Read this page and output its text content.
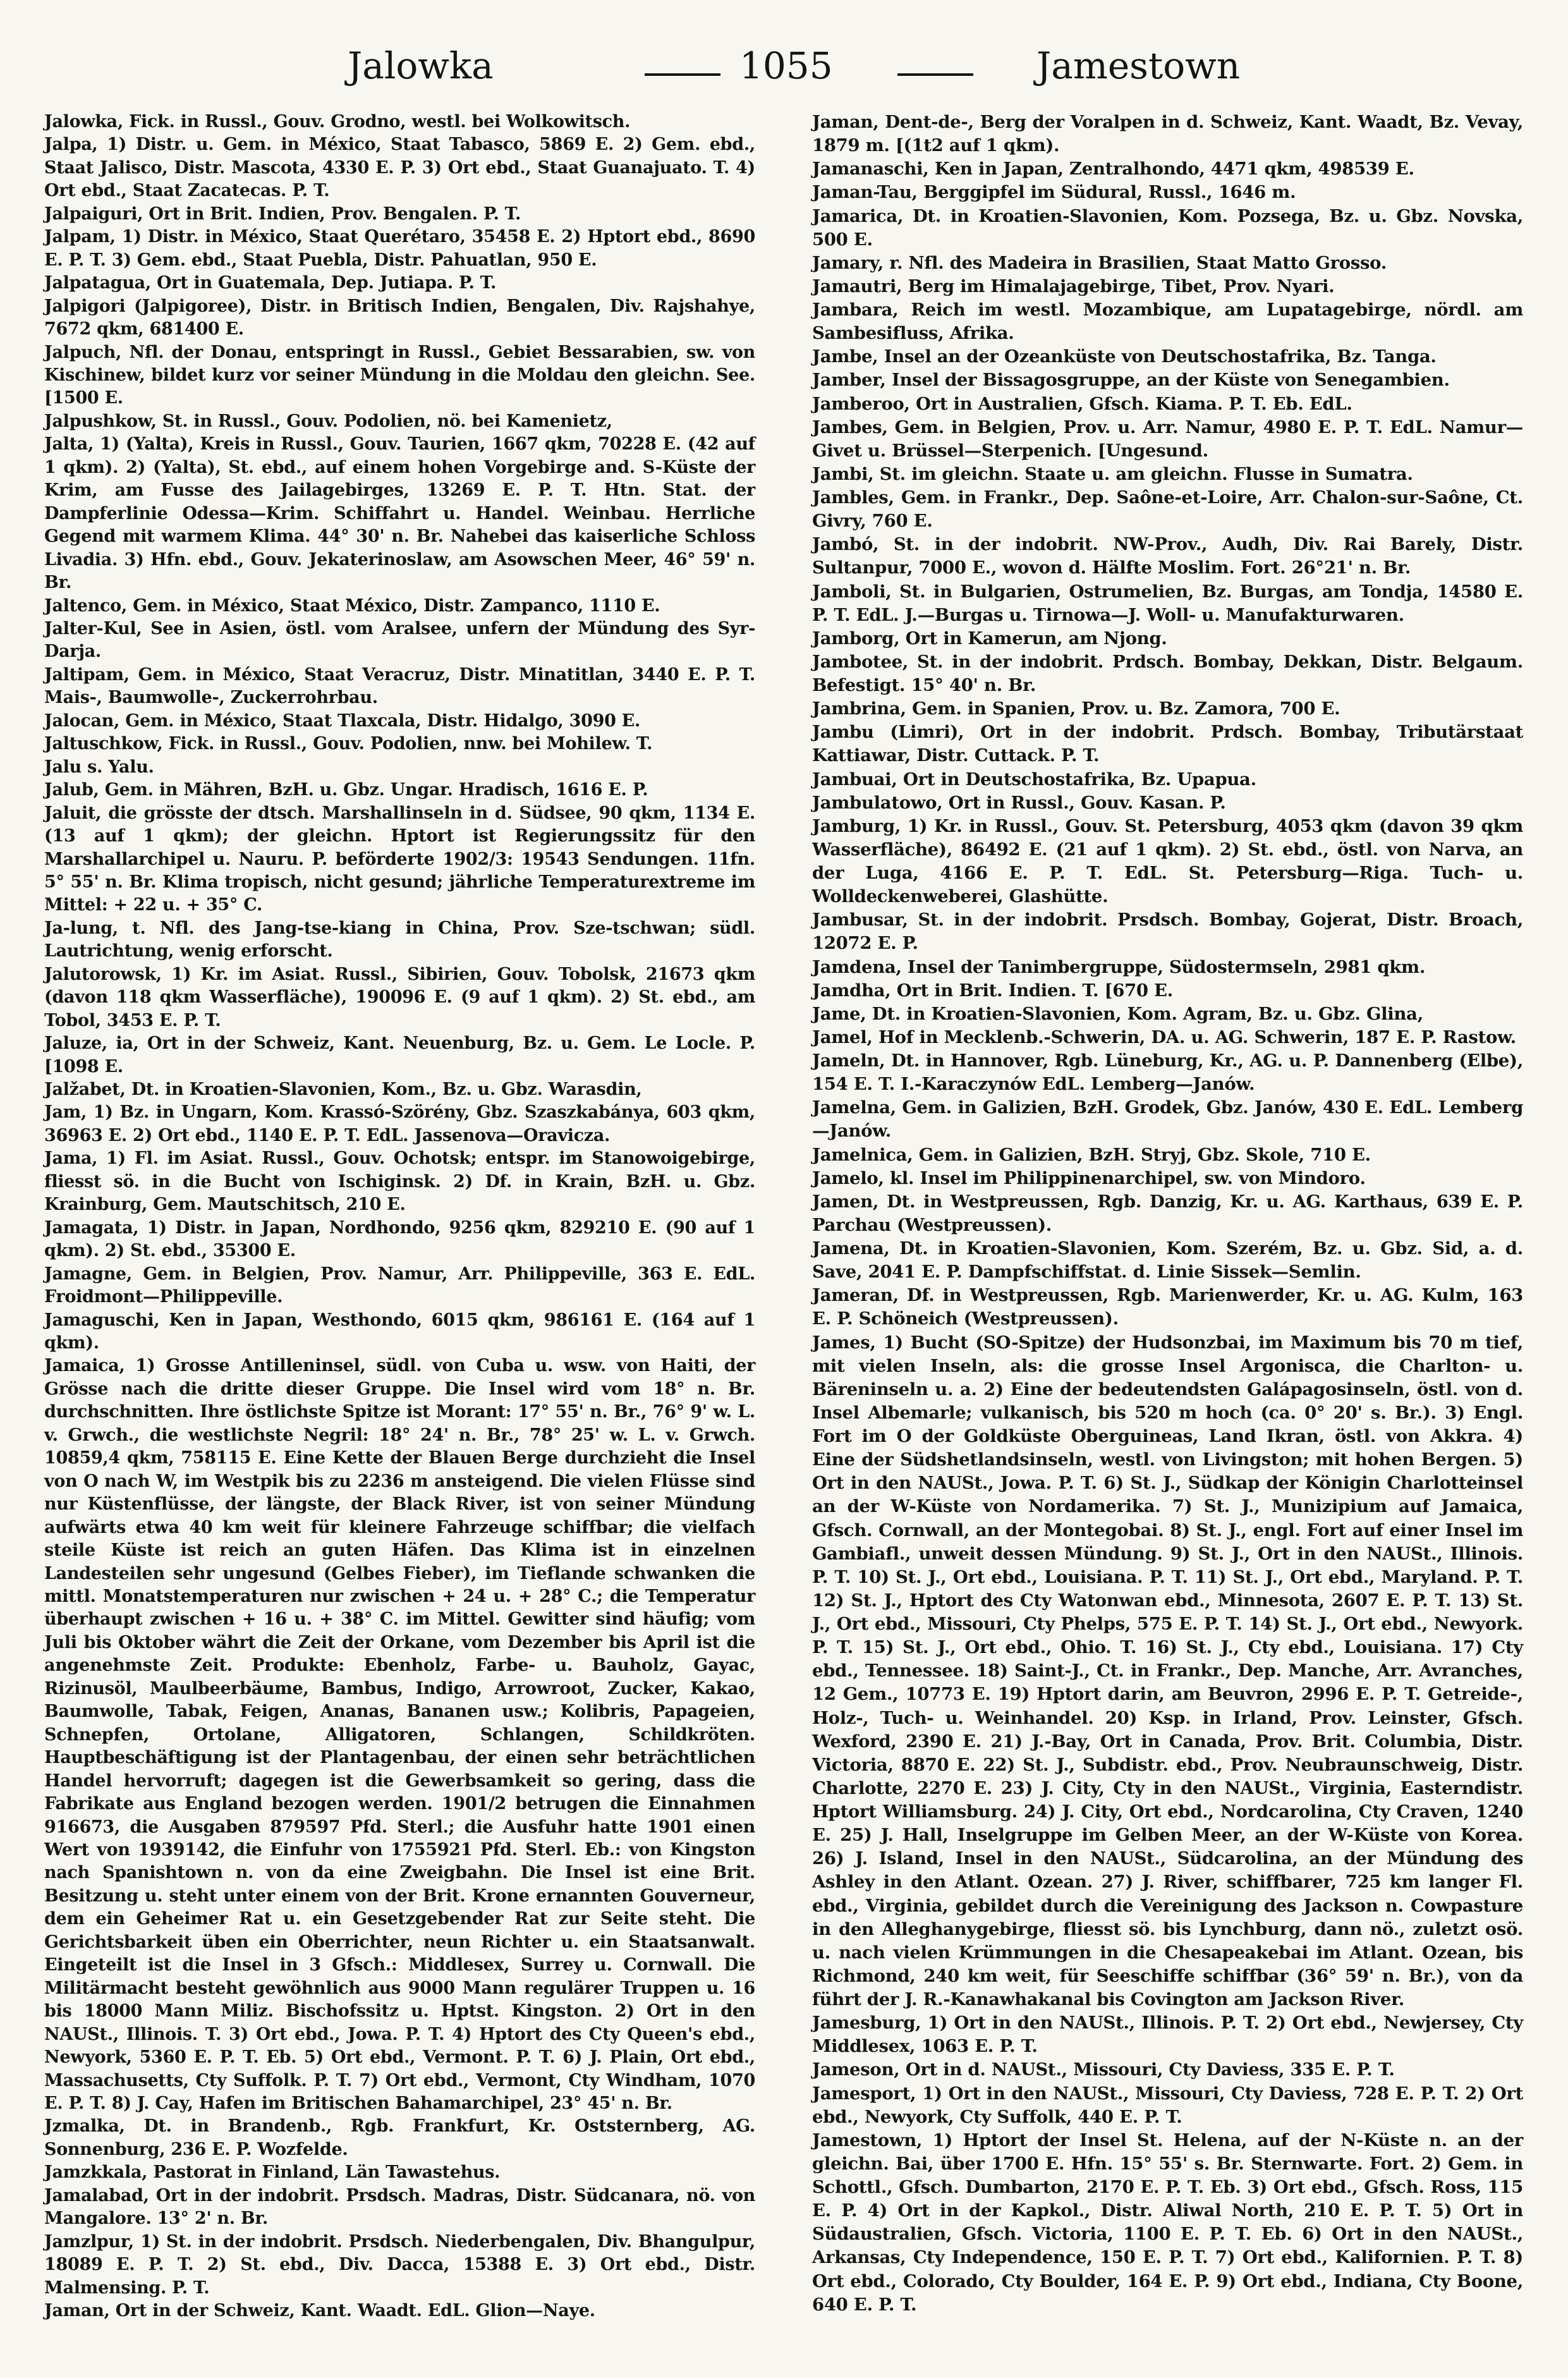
Jalowka	1055	Jamestown

Jalowka, Fick. in Russl., Gouv. Grodno, westl. bei Wolkowitsch.

Jalpa, 1) Distr. u. Gem. in México, Staat Tabasco, 5869 E. 2) Gem. ebd., Staat Jalisco, Distr. Mascota, 4330 E. P. 3) Ort ebd., Staat Guanajuato. T. 4) Ort ebd., Staat Zacatecas. P. T.

Jalpaiguri, Ort in Brit. Indien, Prov. Bengalen. P. T.

Jalpam, 1) Distr. in México, Staat Querétaro, 35458 E. 2) Hptort ebd., 8690 E. P. T. 3) Gem. ebd., Staat Puebla, Distr. Pahuatlan, 950 E.

Jalpatagua, Ort in Guatemala, Dep. Jutiapa. P. T.

Jalpigori (Jalpigoree), Distr. in Britisch Indien, Bengalen, Div. Rajshahye, 7672 qkm, 681400 E.

Jalpuch, Nfl. der Donau, entspringt in Russl., Gebiet Bessarabien, sw. von Kischinew, bildet kurz vor seiner Mündung in die Moldau den gleichn. See. [1500 E.

Jalpushkow, St. in Russl., Gouv. Podolien, nö. bei Kamenietz,

Jalta, 1) (Yalta), Kreis in Russl., Gouv. Taurien, 1667 qkm, 70228 E. (42 auf 1 qkm). 2) (Yalta), St. ebd., auf einem hohen Vorgebirge and. S-Küste der Krim, am Fusse des Jailagebirges, 13269 E. P. T. Htn. Stat. der Dampferlinie Odessa—Krim. Schiffahrt u. Handel. Weinbau. Herrliche Gegend mit warmem Klima. 44° 30' n. Br. Nahebei das kaiserliche Schloss Livadia. 3) Hfn. ebd., Gouv. Jekaterinoslaw, am Asowschen Meer, 46° 59' n. Br.

Jaltenco, Gem. in México, Staat México, Distr. Zampanco, 1110 E.

Jalter-Kul, See in Asien, östl. vom Aralsee, unfern der Mündung des Syr-Darja.

Jaltipam, Gem. in México, Staat Veracruz, Distr. Minatitlan, 3440 E. P. T. Mais-, Baumwolle-, Zuckerrohrbau.

Jalocan, Gem. in México, Staat Tlaxcala, Distr. Hidalgo, 3090 E.

Jaltuschkow, Fick. in Russl., Gouv. Podolien, nnw. bei Mohilew. T.

Jalu s. Yalu.

Jalub, Gem. in Mähren, BzH. u. Gbz. Ungar. Hradisch, 1616 E. P.

Jaluit, die grösste der dtsch. Marshallinseln in d. Südsee, 90 qkm, 1134 E. (13 auf 1 qkm); der gleichn. Hptort ist Regierungssitz für den Marshallarchipel u. Nauru. P. beförderte 1902/3: 19543 Sendungen. 11fn. 5° 55' n. Br. Klima tropisch, nicht gesund; jährliche Temperaturextreme im Mittel: + 22 u. + 35° C.

Ja-lung, t. Nfl. des Jang-tse-kiang in China, Prov. Sze-tschwan; südl. Lautrichtung, wenig erforscht.

Jalutorowsk, 1) Kr. im Asiat. Russl., Sibirien, Gouv. Tobolsk, 21673 qkm (davon 118 qkm Wasserfläche), 190096 E. (9 auf 1 qkm). 2) St. ebd., am Tobol, 3453 E. P. T.

Jaluze, ia, Ort in der Schweiz, Kant. Neuenburg, Bz. u. Gem. Le Locle. P. [1098 E.

Jalžabet, Dt. in Kroatien-Slavonien, Kom., Bz. u. Gbz. Warasdin,

Jam, 1) Bz. in Ungarn, Kom. Krassó-Szörény, Gbz. Szaszkabánya, 603 qkm, 36963 E. 2) Ort ebd., 1140 E. P. T. EdL. Jassenova—Oravicza.

Jama, 1) Fl. im Asiat. Russl., Gouv. Ochotsk; entspr. im Stanowoigebirge, fliesst sö. in die Bucht von Ischiginsk. 2) Df. in Krain, BzH. u. Gbz. Krainburg, Gem. Mautschitsch, 210 E.

Jamagata, 1) Distr. in Japan, Nordhondo, 9256 qkm, 829210 E. (90 auf 1 qkm). 2) St. ebd., 35300 E.

Jamagne, Gem. in Belgien, Prov. Namur, Arr. Philippeville, 363 E. EdL. Froidmont—Philippeville.

Jamaguschi, Ken in Japan, Westhondo, 6015 qkm, 986161 E. (164 auf 1 qkm).

Jamaica, 1) Grosse Antilleninsel, südl. von Cuba u. wsw. von Haiti, der Grösse nach die dritte dieser Gruppe. Die Insel wird vom 18° n. Br. durchschnitten. Ihre östlichste Spitze ist Morant: 17° 55' n. Br., 76° 9' w. L. v. Grwch., die westlichste Negril: 18° 24' n. Br., 78° 25' w. L. v. Grwch. 10859,4 qkm, 758115 E. Eine Kette der Blauen Berge durchzieht die Insel von O nach W, im Westpik bis zu 2236 m ansteigend. Die vielen Flüsse sind nur Küstenflüsse, der längste, der Black River, ist von seiner Mündung aufwärts etwa 40 km weit für kleinere Fahrzeuge schiffbar; die vielfach steile Küste ist reich an guten Häfen. Das Klima ist in einzelnen Landesteilen sehr ungesund (Gelbes Fieber), im Tieflande schwanken die mittl. Monatstemperaturen nur zwischen + 24 u. + 28° C.; die Temperatur überhaupt zwischen + 16 u. + 38° C. im Mittel. Gewitter sind häufig; vom Juli bis Oktober währt die Zeit der Orkane, vom Dezember bis April ist die angenehmste Zeit. Produkte: Ebenholz, Farbe- u. Bauholz, Gayac, Rizinusöl, Maulbeerbäume, Bambus, Indigo, Arrowroot, Zucker, Kakao, Baumwolle, Tabak, Feigen, Ananas, Bananen usw.; Kolibris, Papageien, Schnepfen, Ortolane, Alligatoren, Schlangen, Schildkröten. Hauptbeschäftigung ist der Plantagenbau, der einen sehr beträchtlichen Handel hervorruft; dagegen ist die Gewerbsamkeit so gering, dass die Fabrikate aus England bezogen werden. 1901/2 betrugen die Einnahmen 916673, die Ausgaben 879597 Pfd. Sterl.; die Ausfuhr hatte 1901 einen Wert von 1939142, die Einfuhr von 1755921 Pfd. Sterl. Eb.: von Kingston nach Spanishtown n. von da eine Zweigbahn. Die Insel ist eine Brit. Besitzung u. steht unter einem von der Brit. Krone ernannten Gouverneur, dem ein Geheimer Rat u. ein Gesetzgebender Rat zur Seite steht. Die Gerichtsbarkeit üben ein Oberrichter, neun Richter u. ein Staatsanwalt. Eingeteilt ist die Insel in 3 Gfsch.: Middlesex, Surrey u. Cornwall. Die Militärmacht besteht gewöhnlich aus 9000 Mann regulärer Truppen u. 16 bis 18000 Mann Miliz. Bischofssitz u. Hptst. Kingston. 2) Ort in den NAUSt., Illinois. T. 3) Ort ebd., Jowa. P. T. 4) Hptort des Cty Queen's ebd., Newyork, 5360 E. P. T. Eb. 5) Ort ebd., Vermont. P. T. 6) J. Plain, Ort ebd., Massachusetts, Cty Suffolk. P. T. 7) Ort ebd., Vermont, Cty Windham, 1070 E. P. T. 8) J. Cay, Hafen im Britischen Bahamarchipel, 23° 45' n. Br.

Jzmalka, Dt. in Brandenb., Rgb. Frankfurt, Kr. Oststernberg, AG. Sonnenburg, 236 E. P. Wozfelde.

Jamzkkala, Pastorat in Finland, Län Tawastehus.

Jamalabad, Ort in der indobrit. Prsdsch. Madras, Distr. Südcanara, nö. von Mangalore. 13° 2' n. Br.

Jamzlpur, 1) St. in der indobrit. Prsdsch. Niederbengalen, Div. Bhangulpur, 18089 E. P. T. 2) St. ebd., Div. Dacca, 15388 E. 3) Ort ebd., Distr. Malmensing. P. T.

Jaman, Ort in der Schweiz, Kant. Waadt. EdL. Glion—Naye.

Jaman, Dent-de-, Berg der Voralpen in d. Schweiz, Kant. Waadt, Bz. Vevay, 1879 m. [(1t2 auf 1 qkm).

Jamanaschi, Ken in Japan, Zentralhondo, 4471 qkm, 498539 E.

Jaman-Tau, Berggipfel im Südural, Russl., 1646 m.

Jamarica, Dt. in Kroatien-Slavonien, Kom. Pozsega, Bz. u. Gbz. Novska, 500 E.

Jamary, r. Nfl. des Madeira in Brasilien, Staat Matto Grosso.

Jamautri, Berg im Himalajagebirge, Tibet, Prov. Nyari.

Jambara, Reich im westl. Mozambique, am Lupatagebirge, nördl. am Sambesifluss, Afrika.

Jambe, Insel an der Ozeanküste von Deutschostafrika, Bz. Tanga.

Jamber, Insel der Bissagosgruppe, an der Küste von Senegambien.

Jamberoo, Ort in Australien, Gfsch. Kiama. P. T. Eb. EdL.

Jambes, Gem. in Belgien, Prov. u. Arr. Namur, 4980 E. P. T. EdL. Namur—Givet u. Brüssel—Sterpenich. [Ungesund.

Jambi, St. im gleichn. Staate u. am gleichn. Flusse in Sumatra.

Jambles, Gem. in Frankr., Dep. Saône-et-Loire, Arr. Chalon-sur-Saône, Ct. Givry, 760 E.

Jambó, St. in der indobrit. NW-Prov., Audh, Div. Rai Barely, Distr. Sultanpur, 7000 E., wovon d. Hälfte Moslim. Fort. 26°21' n. Br.

Jamboli, St. in Bulgarien, Ostrumelien, Bz. Burgas, am Tondja, 14580 E. P. T. EdL. J.—Burgas u. Tirnowa—J. Woll- u. Manufakturwaren.

Jamborg, Ort in Kamerun, am Njong.

Jambotee, St. in der indobrit. Prdsch. Bombay, Dekkan, Distr. Belgaum. Befestigt. 15° 40' n. Br.

Jambrina, Gem. in Spanien, Prov. u. Bz. Zamora, 700 E.

Jambu (Limri), Ort in der indobrit. Prdsch. Bombay, Tributärstaat Kattiawar, Distr. Cuttack. P. T.

Jambuai, Ort in Deutschostafrika, Bz. Upapua.

Jambulatowo, Ort in Russl., Gouv. Kasan. P.

Jamburg, 1) Kr. in Russl., Gouv. St. Petersburg, 4053 qkm (davon 39 qkm Wasserfläche), 86492 E. (21 auf 1 qkm). 2) St. ebd., östl. von Narva, an der Luga, 4166 E. P. T. EdL. St. Petersburg—Riga. Tuch- u. Wolldeckenweberei, Glashütte.

Jambusar, St. in der indobrit. Prsdsch. Bombay, Gojerat, Distr. Broach, 12072 E. P.

Jamdena, Insel der Tanimbergruppe, Südostermseln, 2981 qkm.

Jamdha, Ort in Brit. Indien. T. [670 E.

Jame, Dt. in Kroatien-Slavonien, Kom. Agram, Bz. u. Gbz. Glina,

Jamel, Hof in Mecklenb.-Schwerin, DA. u. AG. Schwerin, 187 E. P. Rastow.

Jameln, Dt. in Hannover, Rgb. Lüneburg, Kr., AG. u. P. Dannenberg (Elbe), 154 E. T. I.-Karaczynów EdL. Lemberg—Janów.

Jamelna, Gem. in Galizien, BzH. Grodek, Gbz. Janów, 430 E. EdL. Lemberg—Janów.

Jamelnica, Gem. in Galizien, BzH. Stryj, Gbz. Skole, 710 E.

Jamelo, kl. Insel im Philippinenarchipel, sw. von Mindoro.

Jamen, Dt. in Westpreussen, Rgb. Danzig, Kr. u. AG. Karthaus, 639 E. P. Parchau (Westpreussen).

Jamena, Dt. in Kroatien-Slavonien, Kom. Szerém, Bz. u. Gbz. Sid, a. d. Save, 2041 E. P. Dampfschiffstat. d. Linie Sissek—Semlin.

Jameran, Df. in Westpreussen, Rgb. Marienwerder, Kr. u. AG. Kulm, 163 E. P. Schöneich (Westpreussen).

James, 1) Bucht (SO-Spitze) der Hudsonzbai, im Maximum bis 70 m tief, mit vielen Inseln, als: die grosse Insel Argonisca, die Charlton- u. Bäreninseln u. a. 2) Eine der bedeutendsten Galápagosinseln, östl. von d. Insel Albemarle; vulkanisch, bis 520 m hoch (ca. 0° 20' s. Br.). 3) Engl. Fort im O der Goldküste Oberguineas, Land Ikran, östl. von Akkra. 4) Eine der Südshetlandsinseln, westl. von Livingston; mit hohen Bergen. 5) Ort in den NAUSt., Jowa. P. T. 6) St. J., Südkap der Königin Charlotteinsel an der W-Küste von Nordamerika. 7) St. J., Munizipium auf Jamaica, Gfsch. Cornwall, an der Montegobai. 8) St. J., engl. Fort auf einer Insel im Gambiafl., unweit dessen Mündung. 9) St. J., Ort in den NAUSt., Illinois. P. T. 10) St. J., Ort ebd., Louisiana. P. T. 11) St. J., Ort ebd., Maryland. P. T. 12) St. J., Hptort des Cty Watonwan ebd., Minnesota, 2607 E. P. T. 13) St. J., Ort ebd., Missouri, Cty Phelps, 575 E. P. T. 14) St. J., Ort ebd., Newyork. P. T. 15) St. J., Ort ebd., Ohio. T. 16) St. J., Cty ebd., Louisiana. 17) Cty ebd., Tennessee. 18) Saint-J., Ct. in Frankr., Dep. Manche, Arr. Avranches, 12 Gem., 10773 E. 19) Hptort darin, am Beuvron, 2996 E. P. T. Getreide-, Holz-, Tuch- u. Weinhandel. 20) Ksp. in Irland, Prov. Leinster, Gfsch. Wexford, 2390 E. 21) J.-Bay, Ort in Canada, Prov. Brit. Columbia, Distr. Victoria, 8870 E. 22) St. J., Subdistr. ebd., Prov. Neubraunschweig, Distr. Charlotte, 2270 E. 23) J. City, Cty in den NAUSt., Virginia, Easterndistr. Hptort Williamsburg. 24) J. City, Ort ebd., Nordcarolina, Cty Craven, 1240 E. 25) J. Hall, Inselgruppe im Gelben Meer, an der W-Küste von Korea. 26) J. Island, Insel in den NAUSt., Südcarolina, an der Mündung des Ashley in den Atlant. Ozean. 27) J. River, schiffbarer, 725 km langer Fl. ebd., Virginia, gebildet durch die Vereinigung des Jackson n. Cowpasture in den Alleghanygebirge, fliesst sö. bis Lynchburg, dann nö., zuletzt osö. u. nach vielen Krümmungen in die Chesapeakebai im Atlant. Ozean, bis Richmond, 240 km weit, für Seeschiffe schiffbar (36° 59' n. Br.), von da führt der J. R.-Kanawhakanal bis Covington am Jackson River.

Jamesburg, 1) Ort in den NAUSt., Illinois. P. T. 2) Ort ebd., Newjersey, Cty Middlesex, 1063 E. P. T.

Jameson, Ort in d. NAUSt., Missouri, Cty Daviess, 335 E. P. T.

Jamesport, 1) Ort in den NAUSt., Missouri, Cty Daviess, 728 E. P. T. 2) Ort ebd., Newyork, Cty Suffolk, 440 E. P. T.

Jamestown, 1) Hptort der Insel St. Helena, auf der N-Küste n. an der gleichn. Bai, über 1700 E. Hfn. 15° 55' s. Br. Sternwarte. Fort. 2) Gem. in Schottl., Gfsch. Dumbarton, 2170 E. P. T. Eb. 3) Ort ebd., Gfsch. Ross, 115 E. P. 4) Ort in der Kapkol., Distr. Aliwal North, 210 E. P. T. 5) Ort in Südaustralien, Gfsch. Victoria, 1100 E. P. T. Eb. 6) Ort in den NAUSt., Arkansas, Cty Independence, 150 E. P. T. 7) Ort ebd., Kalifornien. P. T. 8) Ort ebd., Colorado, Cty Boulder, 164 E. P. 9) Ort ebd., Indiana, Cty Boone, 640 E. P. T.
